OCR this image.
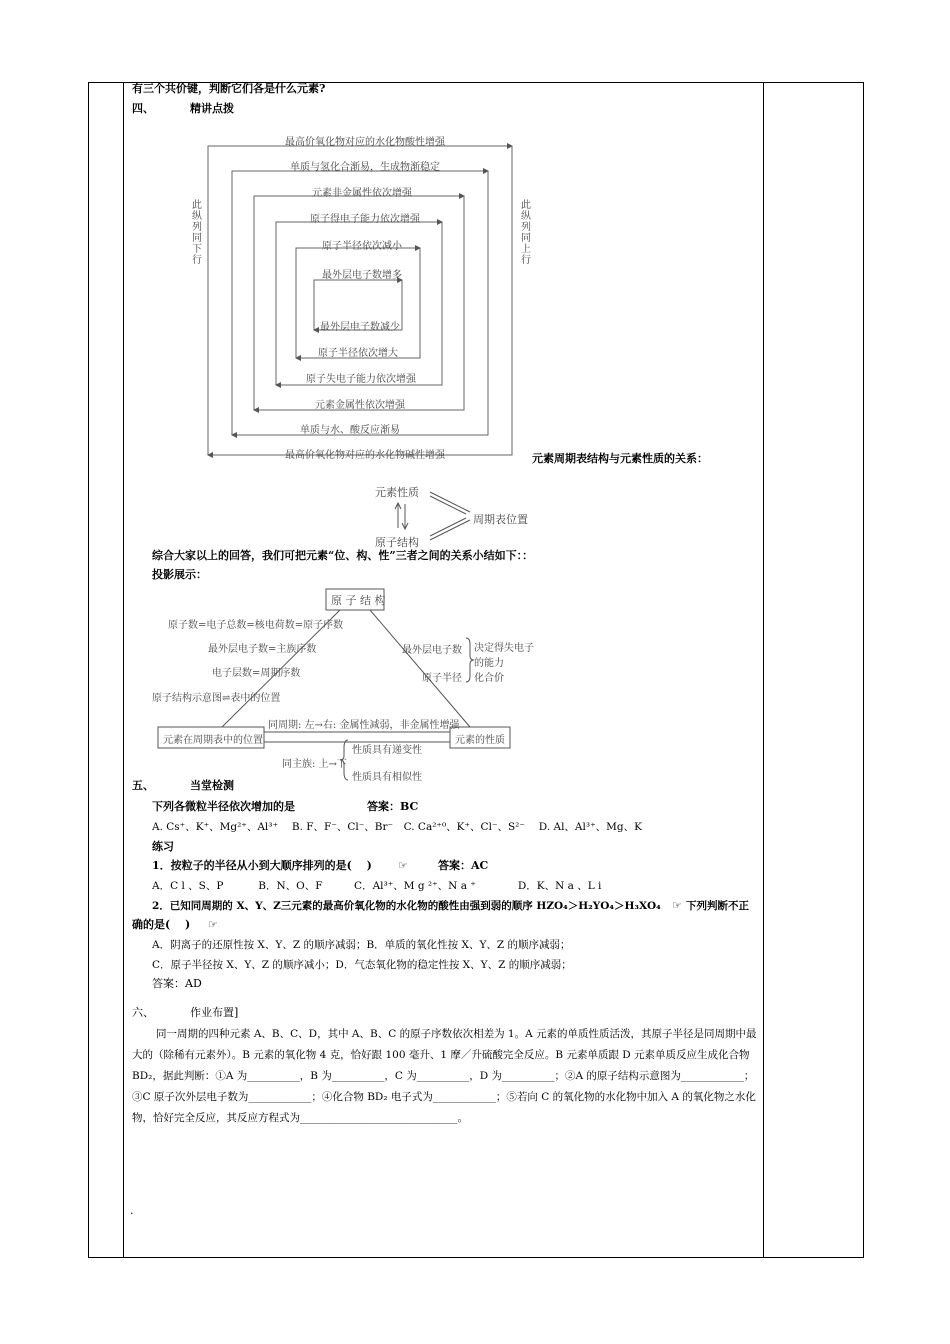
有三个共价键，判断它们各是什么元素?
四、	精讲点拨
最高价氧化物对应的水化物酸性增强
单质与氢化合渐易，生成物渐稳定
元素非金属性依次增强
原子得电子能力依次增强
原子半径依次减小
最外层电子数增多
最外层电子数减少
原子半径依次增大
原子失电子能力依次增强
元素金属性依次增强
单质与水、酸反应渐易
最高价氧化物对应的水化物碱性增强
此
纵
列
同
下
行
此
纵
列
同
上
行
元素周期表结构与元素性质的关系：
元素性质
原子结构
周期表位置
综合大家以上的回答，我们可把元素“位、构、性”三者之间的关系小结如下：：
投影展示：
原 子 结 构
元素在周期表中的位置	元素的性质
原子数=电子总数=核电荷数=原子序数
最外层电子数=主族序数
电子层数=周期序数
原子结构示意图⇌表中的位置
最外层电子数
原子半径
决定得失电子
的能力
化合价
同周期: 左→右: 金属性减弱，非金属性增强
同主族: 上→下
性质具有递变性
性质具有相似性
五、	当堂检测
下列各微粒半径依次增加的是	答案：BC
A. Cs⁺、K⁺、Mg²⁺、Al³⁺　 B. F、F⁻、Cl⁻、Br⁻　C. Ca²⁺⁰、K⁺、Cl⁻、S²⁻　 D. Al、Al³⁺、Mg、K
练习
1．按粒子的半径从小到大顺序排列的是(　 ) ☞	答案：AC
A．C l 、S、P　　　 B．N、O、F　　　C．Al³⁺、M g ²⁺、N a ⁺　　　　D．K、N a 、L i
2．已知同周期的 X、Y、Z三元素的最高价氧化物的水化物的酸性由强到弱的顺序 HZO₄＞H₂YO₄＞H₃XO₄ ☞ 下列判断不正
确的是(　 ) ☞
A．阴离子的还原性按 X、Y、Z 的顺序减弱；B．单质的氧化性按 X、Y、Z 的顺序减弱；
C．原子半径按 X、Y、Z 的顺序减小；D．气态氧化物的稳定性按 X、Y、Z 的顺序减弱；
答案：AD
六、	作业布置]
同一周期的四种元素 A、B、C、D，其中 A、B、C 的原子序数依次相差为 1。A 元素的单质性质活泼，其原子半径是同周期中最大的（除稀有元素外）。B 元素的氧化物 4 克，恰好跟 100 毫升、1 摩／升硫酸完全反应。B 元素单质跟 D 元素单质反应生成化合物 BD₂，据此判断：①A 为__________，B 为__________，C 为__________，D 为__________；②A 的原子结构示意图为____________；③C 原子次外层电子数为____________；④化合物 BD₂ 电子式为____________；⑤若向 C 的氧化物的水化物中加入 A 的氧化物之水化物，恰好完全反应，其反应方程式为______________________________。
.
